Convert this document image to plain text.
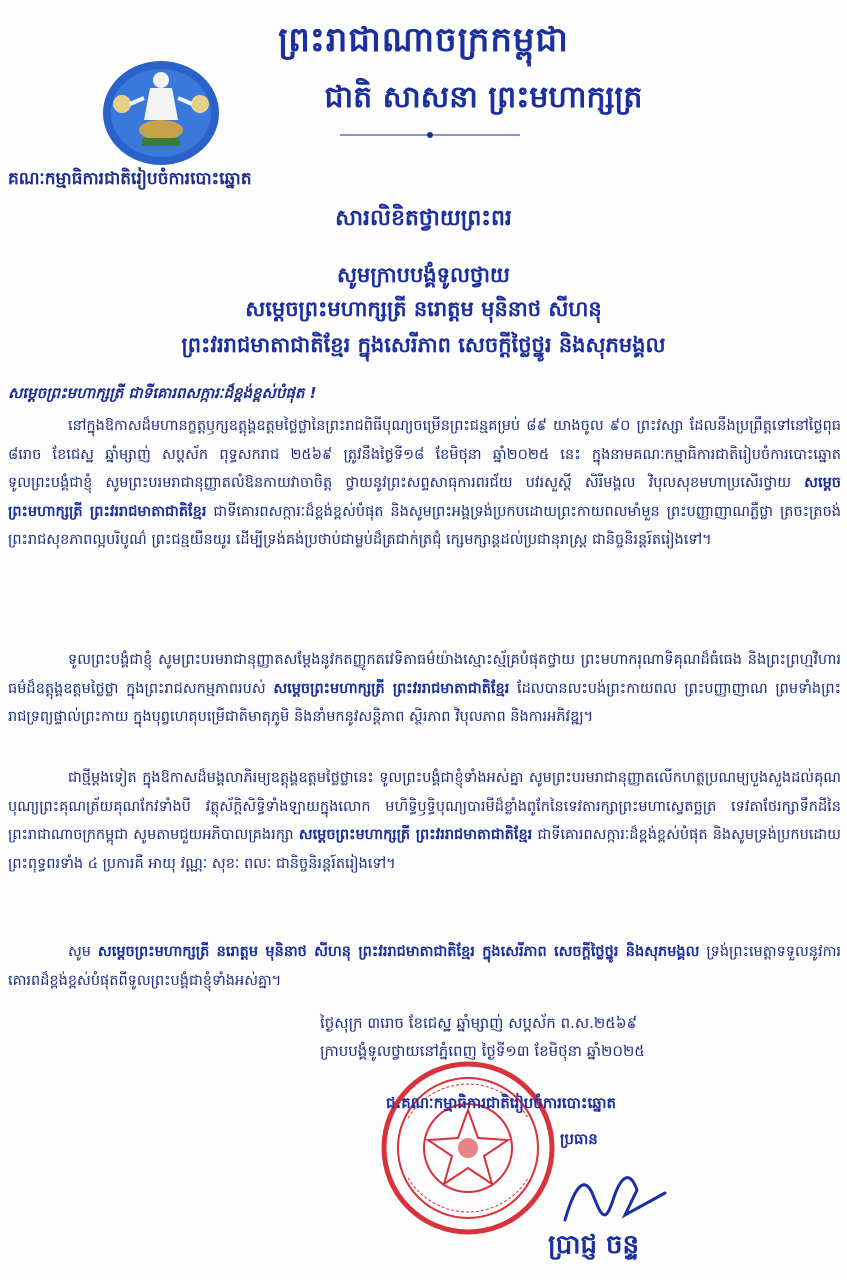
ព្រះរាជាណាចក្រកម្ពុជា
ជាតិ សាសនា ព្រះមហាក្សត្រ
គណៈកម្មាធិការជាតិរៀបចំការបោះឆ្នោត
សារលិខិតថ្វាយព្រះពរ
សូមក្រាបបង្គំទូលថ្វាយ
សម្តេចព្រះមហាក្សត្រី នរោត្តម មុនិនាថ សីហនុ
ព្រះវររាជមាតាជាតិខ្មែរ ក្នុងសេរីភាព សេចក្តីថ្លៃថ្នូរ និងសុភមង្គល
សម្តេចព្រះមហាក្សត្រី ជាទីគោរពសក្ការៈដ៏ខ្ពង់ខ្ពស់បំផុត !

នៅក្នុងឱកាសដ៏មហានក្ខត្តឫក្សឧត្តុង្គឧត្តមថ្លៃថ្លានៃព្រះរាជពិធីបុណ្យចម្រើនព្រះជន្មគម្រប់ ៨៩ យាងចូល ៩០ ព្រះវស្សា ដែលនឹងប្រព្រឹត្តទៅនៅថ្ងៃពុធ ៨រោច ខែជេស្ឋ ឆ្នាំម្សាញ់ សប្តស័ក ពុទ្ធសករាជ ២៥៦៩ ត្រូវនឹងថ្ងៃទី១៨ ខែមិថុនា ឆ្នាំ២០២៥ នេះ ក្នុងនាមគណៈកម្មាធិការជាតិរៀបចំការបោះឆ្នោត ទូលព្រះបង្គំជាខ្ញុំ សូមព្រះបរមរាជានុញ្ញាតលំឱនកាយវាចាចិត្ត ថ្វាយនូវព្រះសព្ទសាធុការពរជ័យ បវរសួស្តី សិរីមង្គល វិបុលសុខមហាប្រសើរថ្វាយ សម្តេចព្រះមហាក្សត្រី ព្រះវររាជមាតាជាតិខ្មែរ ជាទីគោរពសក្ការៈដ៏ខ្ពង់ខ្ពស់បំផុត និងសូមព្រះអង្គទ្រង់ប្រកបដោយព្រះកាយពលមាំមួន ព្រះបញ្ញាញាណភ្លឺថ្លា ត្រចះត្រចង់ ព្រះរាជសុខភាពល្អបរិបូណ៌ ព្រះជន្មយឺនយូរ ដើម្បីទ្រង់គង់ប្រថាប់ជាម្លប់ដ៏ត្រជាក់ត្រជុំ ក្សេមក្សាន្តដល់ប្រជានុរាស្ត្រ ជានិច្ចនិរន្តរ៍តរៀងទៅ។

ទូលព្រះបង្គំជាខ្ញុំ សូមព្រះបរមរាជានុញ្ញាតសម្តែងនូវកតញ្ញូកតវេទិតាធម៌យ៉ាងស្មោះស្ម័គ្របំផុតថ្វាយ ព្រះមហាករុណាទិគុណដ៏ធំធេង និងព្រះព្រហ្មវិហារធម៌ដ៏ឧត្តុង្គឧត្តមថ្លៃថ្លា ក្នុងព្រះរាជសកម្មភាពរបស់ សម្តេចព្រះមហាក្សត្រី ព្រះវររាជមាតាជាតិខ្មែរ ដែលបានលះបង់ព្រះកាយពល ព្រះបញ្ញាញាណ ព្រមទាំងព្រះរាជទ្រព្យផ្ទាល់ព្រះកាយ ក្នុងបុព្វហេតុបម្រើជាតិមាតុភូមិ និងនាំមកនូវសន្តិភាព ស្ថិរភាព វិបុលភាព និងការអភិវឌ្ឍ។

ជាថ្មីម្តងទៀត ក្នុងឱកាសដ៏មង្គលាភិរម្យឧត្តុង្គឧត្តមថ្លៃថ្លានេះ ទូលព្រះបង្គំជាខ្ញុំទាំងអស់គ្នា សូមព្រះបរមរាជានុញ្ញាតលើកហត្ថប្រណម្យបួងសួងដល់គុណបុណ្យព្រះគុណត្រ័យគុណកែវទាំងបី វត្ថុស័ក្តិសិទ្ធិទាំងឡាយក្នុងលោក មហិទ្ធិឫទ្ធិបុណ្យបារមីដ៏ខ្លាំងពូកែនៃទេវតារក្សាព្រះមហាស្វេតច្ឆត្រ ទេវតាថែរក្សាទឹកដីនៃព្រះរាជាណាចក្រកម្ពុជា សូមតាមជួយអភិបាលគ្រងរក្សា សម្តេចព្រះមហាក្សត្រី ព្រះវររាជមាតាជាតិខ្មែរ ជាទីគោរពសក្ការៈដ៏ខ្ពង់ខ្ពស់បំផុត និងសូមទ្រង់ប្រកបដោយព្រះពុទ្ធពរទាំង ៤ ប្រការគឺ អាយុ វណ្ណៈ សុខៈ ពលៈ ជានិច្ចនិរន្តរ៍តរៀងទៅ។

សូម សម្តេចព្រះមហាក្សត្រី នរោត្តម មុនិនាថ សីហនុ ព្រះវររាជមាតាជាតិខ្មែរ ក្នុងសេរីភាព សេចក្តីថ្លៃថ្នូរ និងសុភមង្គល ទ្រង់ព្រះមេត្តាទទួលនូវការគោរពដ៏ខ្ពង់ខ្ពស់បំផុតពីទូលព្រះបង្គំជាខ្ញុំទាំងអស់គ្នា។

ថ្ងៃសុក្រ ៣រោច ខែជេស្ឋ ឆ្នាំម្សាញ់ សប្តស័ក ព.ស.២៥៦៩
ក្រាបបង្គំទូលថ្វាយនៅភ្នំពេញ ថ្ងៃទី១៣ ខែមិថុនា ឆ្នាំ២០២៥
ជ.គណៈកម្មាធិការជាតិរៀបចំការបោះឆ្នោត
ប្រធាន
ប្រាជ្ញ ចន្ទ
